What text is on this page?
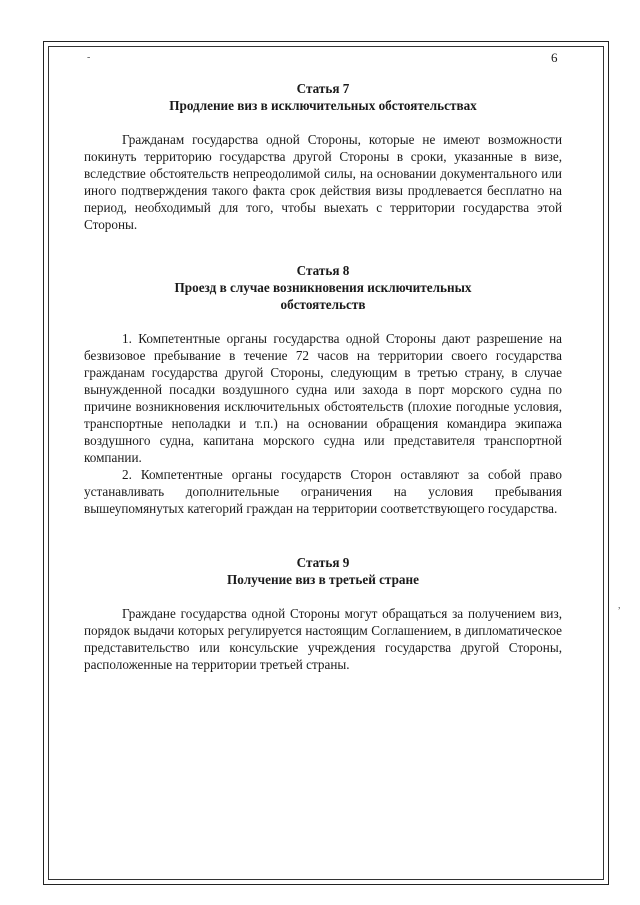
6
-
,
Статья 7
Продление виз в исключительных обстоятельствах

Гражданам государства одной Стороны, которые не имеют возможности покинуть территорию государства другой Стороны в сроки, указанные в визе, вследствие обстоятельств непреодолимой силы, на основании документального или иного подтверждения такого факта срок действия визы продлевается бесплатно на период, необходимый для того, чтобы выехать с территории государства этой Стороны.

Статья 8
Проезд в случае возникновения исключительных
обстоятельств

1. Компетентные органы государства одной Стороны дают разрешение на безвизовое пребывание в течение 72 часов на территории своего государства гражданам государства другой Стороны, следующим в третью страну, в случае вынужденной посадки воздушного судна или захода в порт морского судна по причине возникновения исключительных обстоятельств (плохие погодные условия, транспортные неполадки и т.п.) на основании обращения командира экипажа воздушного судна, капитана морского судна или представителя транспортной компании.

2. Компетентные органы государств Сторон оставляют за собой право устанавливать дополнительные ограничения на условия пребывания вышеупомянутых категорий граждан на территории соответствующего государства.

Статья 9
Получение виз в третьей стране

Граждане государства одной Стороны могут обращаться за получением виз, порядок выдачи которых регулируется настоящим Соглашением, в дипломатическое представительство или консульские учреждения государства другой Стороны, расположенные на территории третьей страны.
